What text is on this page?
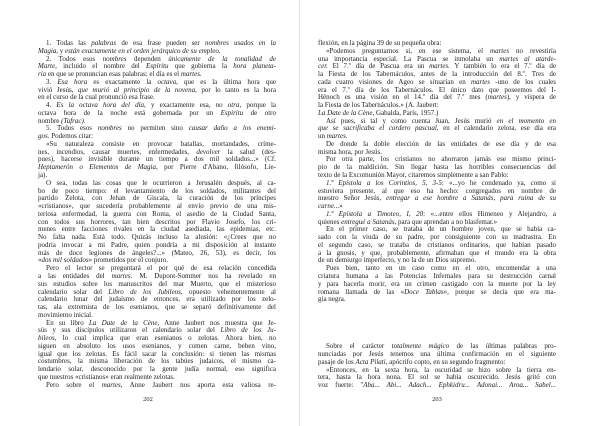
1. Todas las palabras de esa frase pueden ser nombres usados en la
Magia, y están exactamente en el orden jerárquico de su empleo.
2. Todos esos nombres dependen únicamente de la tonalidad de
Marte, incluido el nombre del Espíritu que gobierna la hora planeta-
ria en que se pronuncian esas palabras; el día es el martes.
3. Esa hora es exactamente la octava, que es la última hora que
vivió Jesús, que murió al principio de la novena, por lo tanto es la hora
en el curso de la cual pronunció esa frase.
4. Es la octava hora del día, y exactamente esa, no otra, porque la
octava hora de la noche está gobernada por un Espíritu de otro
nombre (Tafrac).
5. Todos esos nombres no permiten sino causar daño a los enemi-
gos. Podemos citar:
«Su naturaleza consiste en provocar batallas, mortandades, críme-
nes, incendios, causar muertes, enfermedades, devolver la salud (des-
pues), hacerse invisible durante un tiempo a dos mil soldados...» (Cf.
Heptamerón o Elementos de Magia, por Pierre d'Abano, filósofo, Lie-
ja).
O sea, todas las cosas que le ocurrieron a Jerusalén después, al ca-
bo de poco tiempo: el levantamiento de los soldados, militantes del
partido Zelota, con Jehan de Giscala, la curación de los príncipes
«cristianos», que sucedería probablemente al envío previo de una mis-
teriosa enfermedad, la guerra con Roma, el asedio de la Ciudad Santa,
con todos sus horrores, tan bien descritos por Flavio Josefo, los crí-
menes entre facciones rivales en la ciudad asediada, las epidemias, etc.
No falta nada. Está todo. Quizás incluso la alusión: «¿Crees que no
podría invocar a mi Padre, quien pondría a mi disposición al instante
más de doce legiones de ángeles?...» (Mateo, 26, 53), es decir, los
«dos mil soldados» prometidos por el conjuro.
Pero el lector se preguntará el por qué de esa relación concedida
a las entidades del martes. M. Dupont-Sommer nos ha revelado en
sus estudios sobre los manuscritos del mar Muerto, que el misterioso
calendario solar del Libro de los Jubileos, opuesto vehementemente al
calendario lunar del judaísmo de entonces, era utilizado por los zelo-
tas, ala extremista de los esenianos, que se separó definitivamente del
movimiento inicial.
En su libro La Date de la Cène, Anne Jaubert nos muestra que Je-
sús y sus discípulos utilizaron el calendario solar del Libro de los Ju-
bileos, lo cual implica que eran esenianos o zelotas. Ahora bien, no
siguen en absoluto los usos esenianos, y comen carne, beben vino,
igual que los zelotas. Es fácil sacar la conclusión: si tienen las mismas
costumbres, la misma liberación de los tabúes judaicos, el mismo ca-
lendario solar, desconocido por la gente judía normal, eso significa
que nuestros «cristianos» eran realmente zelotas.
Pero sobre el martes, Anne Jaubert nos aporta esta valiosa re-
202
flexión, en la página 39 de su pequeña obra:
«Podemos preguntarnos si, en ese sistema, el martes no revestiría
una importancia especial. La Pascua se inmolaba un martes al atarde-
cer. El 7.º día de Pascua era un martes. Y también lo era el 7.º día de
la Fiesta de los Tabernáculos, antes de la introducción del 8.º. Tres de
cada cuatro visiones de Ageo se situarían en martes -uno de los cuales
era el 7.º día de los Tabernáculos. El único dato que poseemos del I-
Hénoch es una visión en el 14.º día del 7.º mes (martes), y víspera de
la Fiesta de los Tabernáculos.» (A. Jaubert:
La Date de la Cène, Gabalda, París, 1957.)
Así pues, si tal y como cuenta Juan, Jesús murió en el momento en
que se sacrificaba el cordero pascual, en el calendario zelota, ese día era
un martes.
De donde la doble elección de las entidades de ese día y de esa
misma hora, por Jesús.
Por otra parte, los cristianos no ahorraron jamás ese mismo princi-
pio de la maldición. Sin llegar hasta las horribles consecuencias del
texto de la Excomunión Mayor, citaremos simplemente a san Pablo:
1.ª Epístola a los Corintios, 5, 3-5: «...yo he condenado ya, como si
estuviera presente, al que eso ha hecho: congregados en nombre de
nuestro Señor Jesús, entregar a ese hombre a Satanás, para ruina de su
carne...»
1.ª Epístola a Timoteo, I, 20: «...entre ellos Himeneo y Alejandro, a
quienes entregué a Satanás, para que aprendan a no blasfemar.»
En el primer caso, se trataba de un hombre joven, que se había ca-
sado con la viuda de su padre, por consiguiente con su madrastra. En
el segundo caso, se trataba de cristianos ordinarios, que habían pasado
a la gnosis, y que, probablemente, afirmaban que el mundo era la obra
de un demiurgo imperfecto, y no la de un Dios supremo.
Pues bien, tanto en un caso como en el otro, encomendar a una
criatura humana a las Potencias Infernales para su destrucción carnal
y para hacerla morir, era un crimen castigado con la muerte por la ley
romana llamada de las «Doce Tablas», porque se decía que era ma-
gia negra.
Sobre el carácter totalmente mágico de las últimas palabras pro-
nunciadas por Jesús tenemos una última confirmación en el siguiente
pasaje de los Acta Pilati, apócrifo copto, en su segundo fragmento:
«Entonces, en la sexta hora, la oscuridad se hizo sobre la tierra en-
tera, hasta la hora nona. El sol se había oscurecido. Jesús gritó con
voz fuerte: "Aba... Abi... Adach... Ephkidru... Adonai... Aroa... Sabel...
203
